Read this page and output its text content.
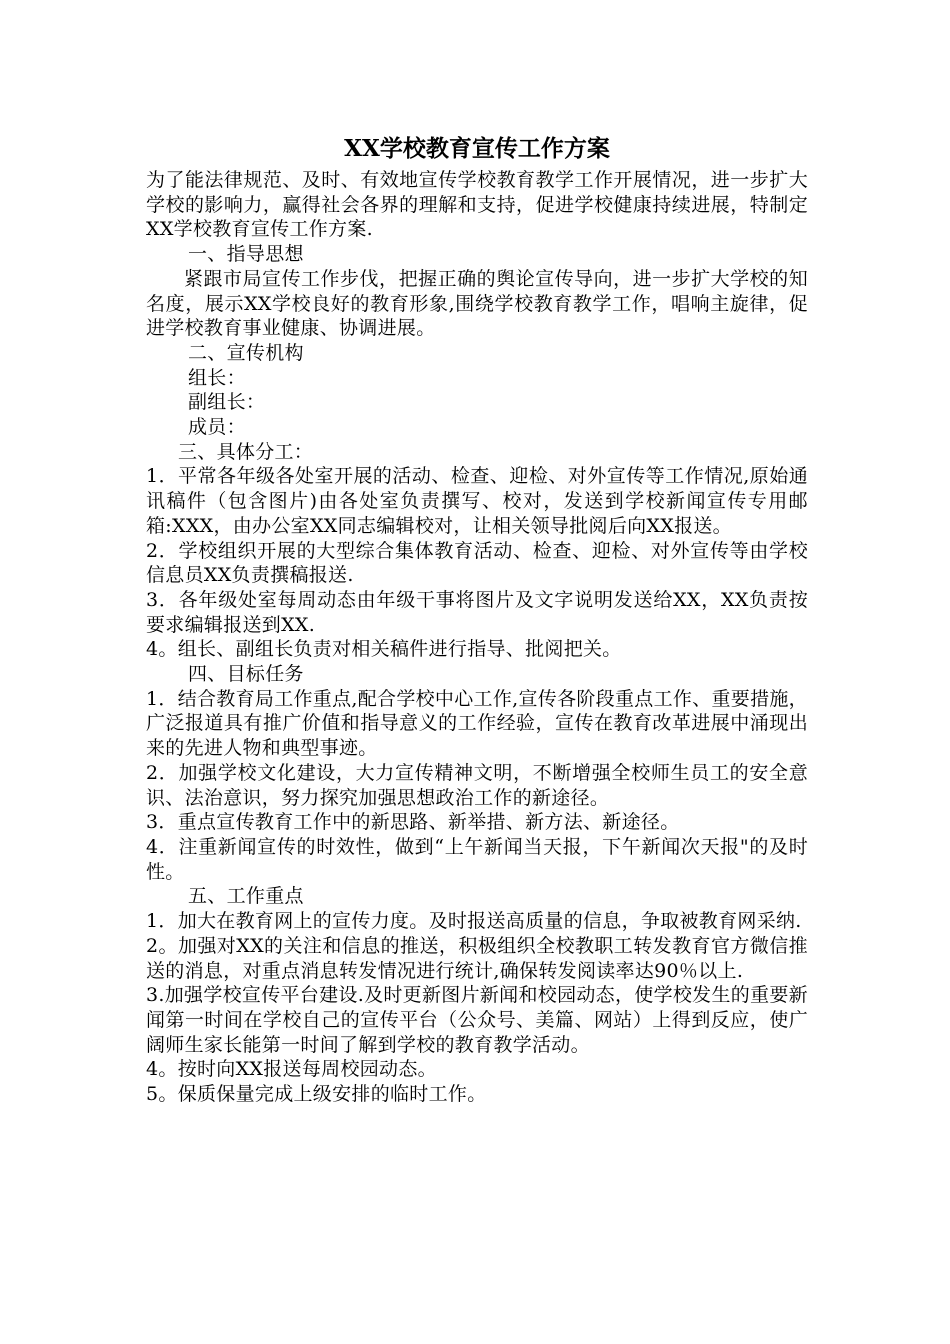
XX学校教育宣传工作方案

为了能法律规范、及时、有效地宣传学校教育教学工作开展情况，进一步扩大学校的影响力，赢得社会各界的理解和支持，促进学校健康持续进展，特制定XX学校教育宣传工作方案.

一、指导思想

紧跟市局宣传工作步伐，把握正确的舆论宣传导向，进一步扩大学校的知名度，展示XX学校良好的教育形象,围绕学校教育教学工作，唱响主旋律，促进学校教育事业健康、协调进展。

二、宣传机构

组长：

副组长：

成员：

三、具体分工：

1．平常各年级各处室开展的活动、检查、迎检、对外宣传等工作情况,原始通讯稿件（包含图片)由各处室负责撰写、校对，发送到学校新闻宣传专用邮箱:XXX，由办公室XX同志编辑校对，让相关领导批阅后向XX报送。

2．学校组织开展的大型综合集体教育活动、检查、迎检、对外宣传等由学校信息员XX负责撰稿报送.

3．各年级处室每周动态由年级干事将图片及文字说明发送给XX，XX负责按要求编辑报送到XX.

4。组长、副组长负责对相关稿件进行指导、批阅把关。

四、目标任务

1．结合教育局工作重点,配合学校中心工作,宣传各阶段重点工作、重要措施，广泛报道具有推广价值和指导意义的工作经验，宣传在教育改革进展中涌现出来的先进人物和典型事迹。

2．加强学校文化建设，大力宣传精神文明，不断增强全校师生员工的安全意识、法治意识，努力探究加强思想政治工作的新途径。

3．重点宣传教育工作中的新思路、新举措、新方法、新途径。

4．注重新闻宣传的时效性，做到“上午新闻当天报，下午新闻次天报"的及时性。

五、工作重点

1．加大在教育网上的宣传力度。及时报送高质量的信息，争取被教育网采纳.

2。加强对XX的关注和信息的推送，积极组织全校教职工转发教育官方微信推送的消息，对重点消息转发情况进行统计,确保转发阅读率达90％以上.

3.加强学校宣传平台建设.及时更新图片新闻和校园动态，使学校发生的重要新闻第一时间在学校自己的宣传平台（公众号、美篇、网站）上得到反应，使广阔师生家长能第一时间了解到学校的教育教学活动。

4。按时向XX报送每周校园动态。

5。保质保量完成上级安排的临时工作。
